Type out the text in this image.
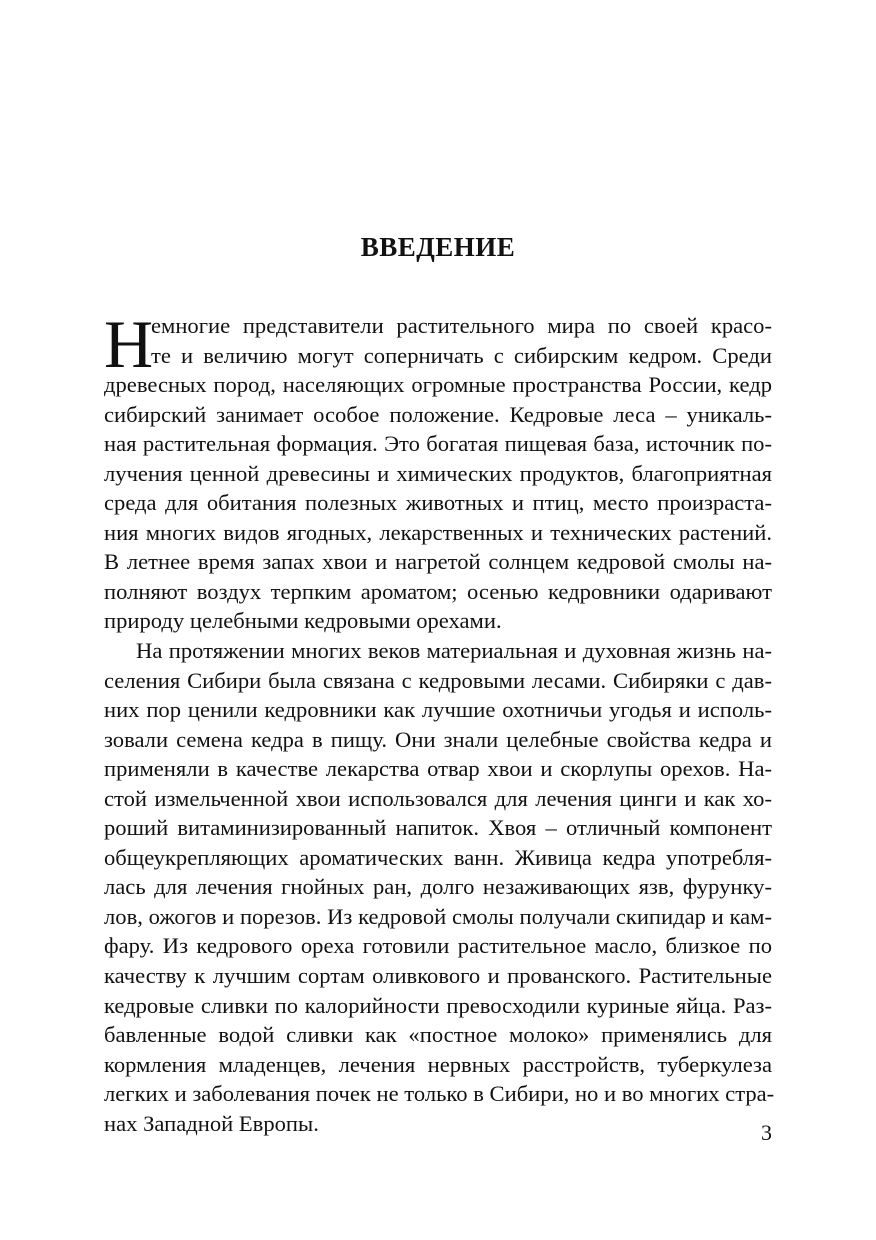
ВВЕДЕНИЕ
Н
емногие представители растительного мира по своей красо-
те и величию могут соперничать с сибирским кедром. Среди
древесных пород, населяющих огромные пространства России, кедр
сибирский занимает особое положение. Кедровые леса – уникаль-
ная растительная формация. Это богатая пищевая база, источник по-
лучения ценной древесины и химических продуктов, благоприятная
среда для обитания полезных животных и птиц, место произраста-
ния многих видов ягодных, лекарственных и технических растений.
В летнее время запах хвои и нагретой солнцем кедровой смолы на-
полняют воздух терпким ароматом; осенью кедровники одаривают
природу целебными кедровыми орехами.
На протяжении многих веков материальная и духовная жизнь на-
селения Сибири была связана с кедровыми лесами. Сибиряки с дав-
них пор ценили кедровники как лучшие охотничьи угодья и исполь-
зовали семена кедра в пищу. Они знали целебные свойства кедра и
применяли в качестве лекарства отвар хвои и скорлупы орехов. На-
стой измельченной хвои использовался для лечения цинги и как хо-
роший витаминизированный напиток. Хвоя – отличный компонент
общеукрепляющих ароматических ванн. Живица кедра употребля-
лась для лечения гнойных ран, долго незаживающих язв, фурунку-
лов, ожогов и порезов. Из кедровой смолы получали скипидар и кам-
фару. Из кедрового ореха готовили растительное масло, близкое по
качеству к лучшим сортам оливкового и прованского. Растительные
кедровые сливки по калорийности превосходили куриные яйца. Раз-
бавленные водой сливки как «постное молоко» применялись для
кормления младенцев, лечения нервных расстройств, туберкулеза
легких и заболевания почек не только в Сибири, но и во многих стра-
нах Западной Европы.	3
